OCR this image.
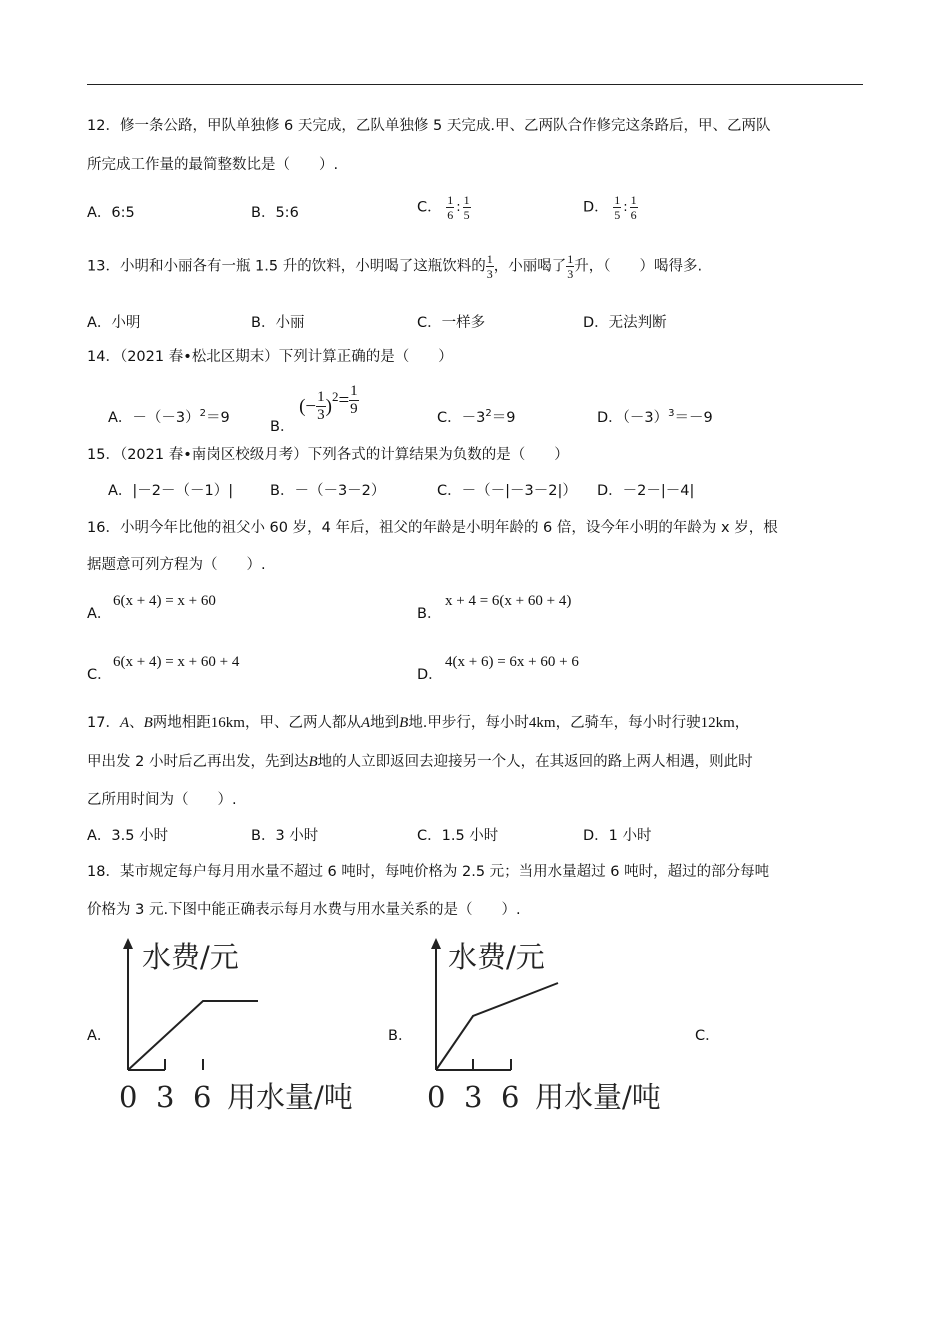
12．修一条公路，甲队单独修 6 天完成，乙队单独修 5 天完成.甲、乙两队合作修完这条路后，甲、乙两队
所完成工作量的最简整数比是（　　）.
A．6:5	B．5:6	C． $\frac{1}{6}$ : $\frac{1}{5}$	D． $\frac{1}{5}$ : $\frac{1}{6}$
13．小明和小丽各有一瓶 1.5 升的饮料，小明喝了这瓶饮料的 $\frac{1}{3}$ ，小丽喝了 $\frac{1}{3}$ 升，（　　）喝得多.
A．小明	B．小丽	C．一样多	D．无法判断
14．（2021 春•松北区期末）下列计算正确的是（　　）
A．$-(-3)^2=9$
B．
( − $\frac{1}{3} )^2 = \frac{1}{9}$
C．$-3^2=9$	D．$(-3)^3=-9$
15．（2021 春•南岗区校级月考）下列各式的计算结果为负数的是（　　）
A．|－2－（－1）|	B．－（－3－2）	C．－（－|－3－2|） D．－2－|－4|
16．小明今年比他的祖父小 60 岁，4 年后，祖父的年龄是小明年龄的 6 倍，设今年小明的年龄为 x 岁，根
据题意可列方程为（　　）.
A．
6(x + 4) = x + 60
B．
x + 4 = 6(x + 60 + 4)
C．
6(x + 4) = x + 60 + 4
D．
4(x + 6) = 6x + 60 + 6
17．A、B两地相距16km，甲、乙两人都从A地到B地.甲步行，每小时4km，乙骑车，每小时行驶12km，
甲出发 2 小时后乙再出发，先到达B地的人立即返回去迎接另一个人，在其返回的路上两人相遇，则此时
乙所用时间为（　　）.
A．3.5 小时	B．3 小时	C．1.5 小时	D．1 小时
18．某市规定每户每月用水量不超过 6 吨时，每吨价格为 2.5 元；当用水量超过 6 吨时，超过的部分每吨
价格为 3 元.下图中能正确表示每月水费与用水量关系的是（　　）.
A．
水费/元
0 3 6 用水量/吨
B．
水费/元
0 3 6 用水量/吨
C．
